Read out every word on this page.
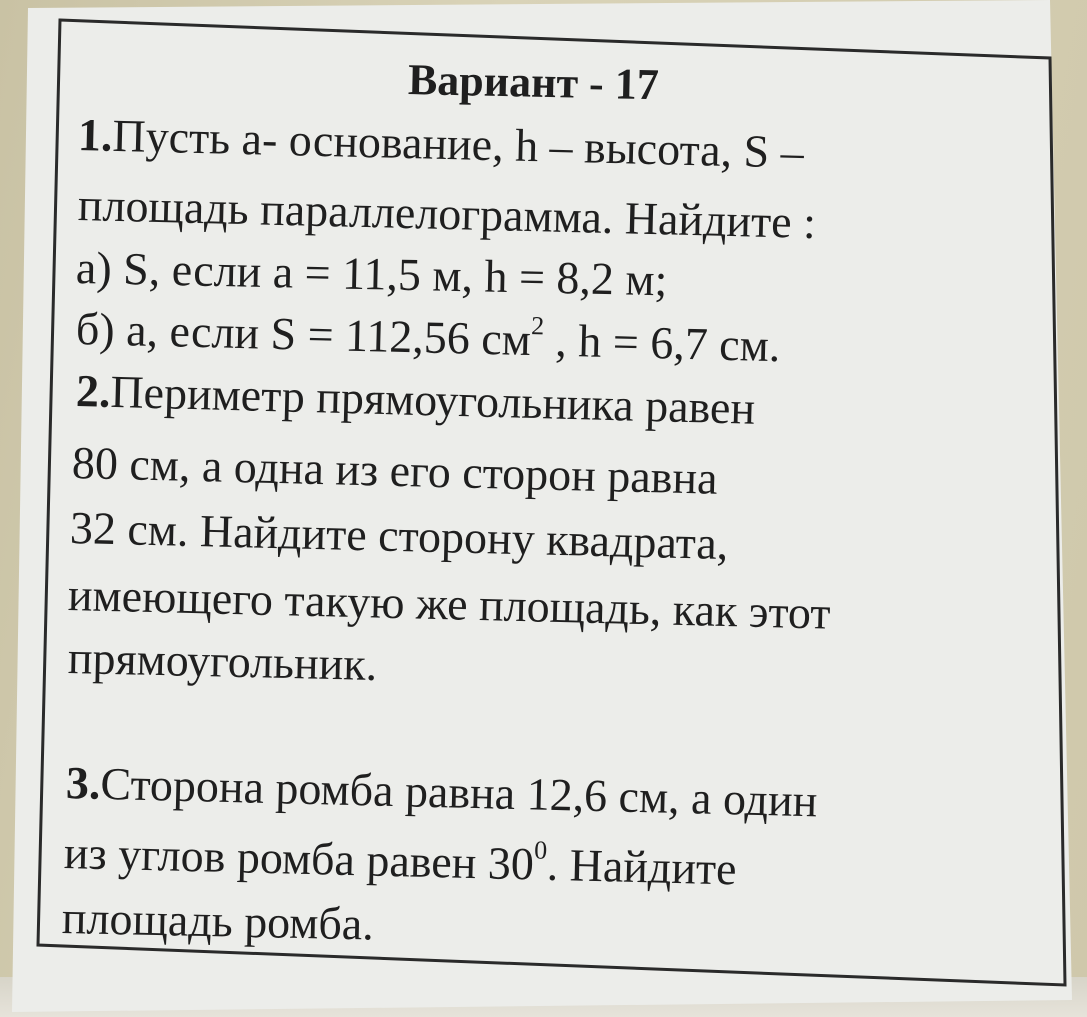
Вариант - 17
1.Пусть а- основание, h – высота, S –
площадь параллелограмма. Найдите :
а) S, если a = 11,5 м, h = 8,2 м;
б) а, если S = 112,56 $см^2$ , h = 6,7 см.
2.Периметр прямоугольника равен
80 см, а одна из его сторон равна
32 см. Найдите сторону квадрата,
имеющего такую же площадь, как этот
прямоугольник.
3.Сторона ромба равна 12,6 см, а один
из углов ромба равен $30^0$. Найдите
площадь ромба.
